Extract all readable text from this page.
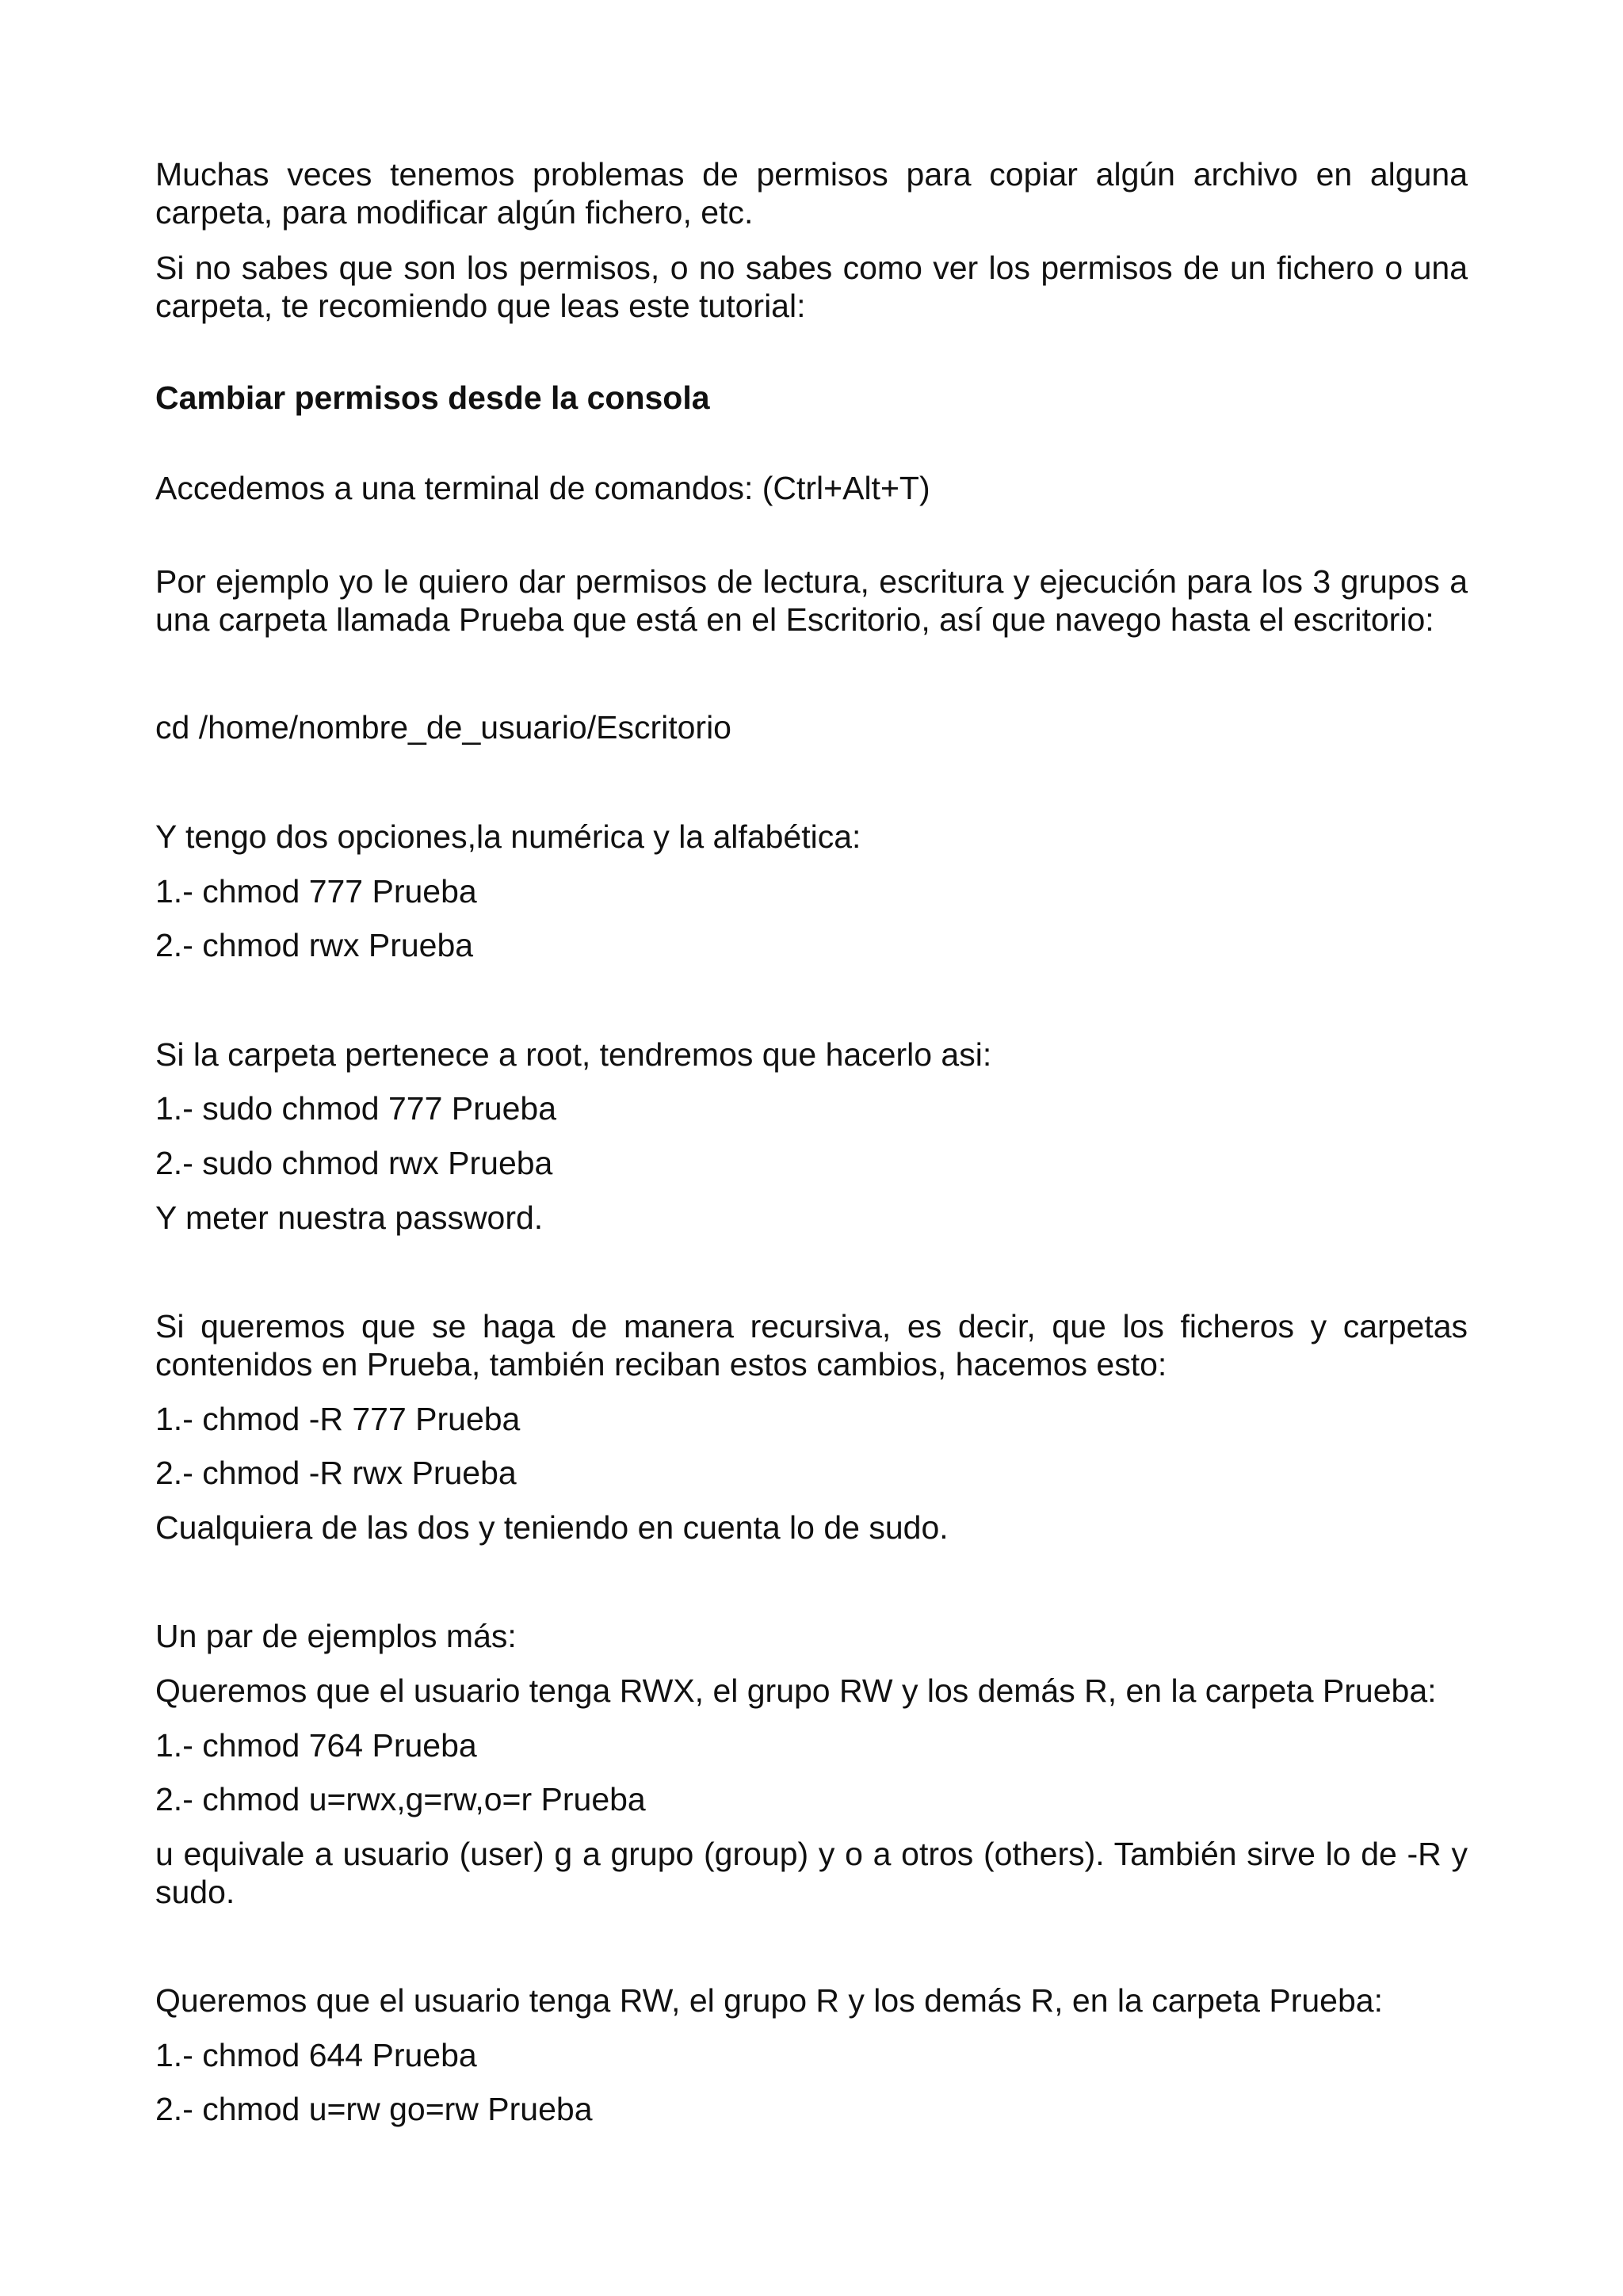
Muchas veces tenemos problemas de permisos para copiar algún archivo en alguna carpeta, para modificar algún fichero, etc.

Si no sabes que son los permisos, o no sabes como ver los permisos de un fichero o una carpeta, te recomiendo que leas este tutorial:

Cambiar permisos desde la consola

Accedemos a una terminal de comandos: (Ctrl+Alt+T)

Por ejemplo yo le quiero dar permisos de lectura, escritura y ejecución para los 3 grupos a una carpeta llamada Prueba que está en el Escritorio, así que navego hasta el escritorio:

cd /home/nombre_de_usuario/Escritorio

Y tengo dos opciones,la numérica y la alfabética:

1.- chmod 777 Prueba

2.- chmod rwx Prueba

Si la carpeta pertenece a root, tendremos que hacerlo asi:

1.- sudo chmod 777 Prueba

2.- sudo chmod rwx Prueba

Y meter nuestra password.

Si queremos que se haga de manera recursiva, es decir, que los ficheros y carpetas contenidos en Prueba, también reciban estos cambios, hacemos esto:

1.- chmod -R 777 Prueba

2.- chmod -R rwx Prueba

Cualquiera de las dos y teniendo en cuenta lo de sudo.

Un par de ejemplos más:

Queremos que el usuario tenga RWX, el grupo RW y los demás R, en la carpeta Prueba:

1.- chmod 764 Prueba

2.- chmod u=rwx,g=rw,o=r Prueba

u equivale a usuario (user) g a grupo (group) y o a otros (others). También sirve lo de -R y sudo.

Queremos que el usuario tenga RW, el grupo R y los demás R, en la carpeta Prueba:

1.- chmod 644 Prueba

2.- chmod u=rw go=rw Prueba
